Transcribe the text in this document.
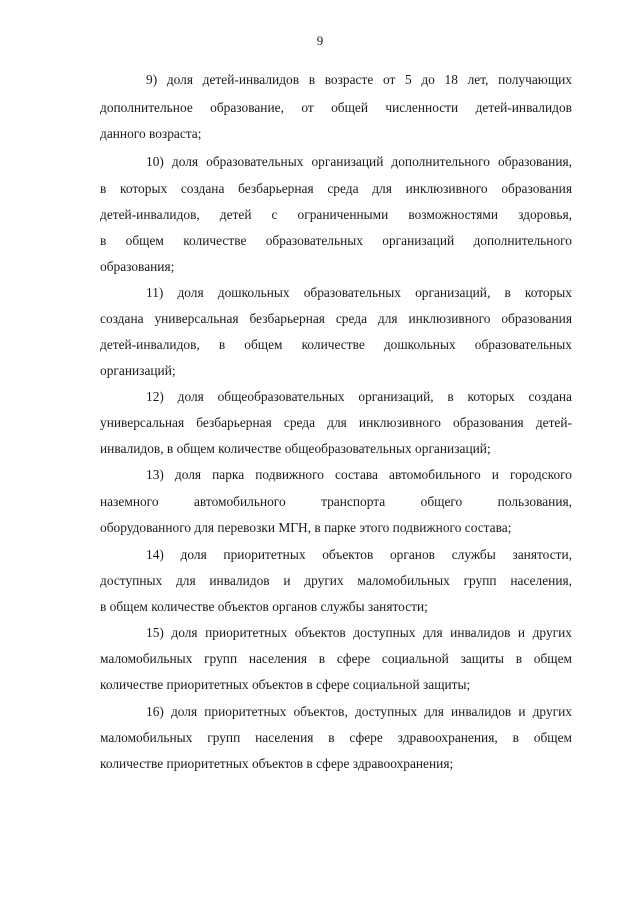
9

9) доля детей-инвалидов в возрасте от 5 до 18 лет, получающих

дополнительное образование, от общей численности детей-инвалидов

данного возраста;

10) доля образовательных организаций дополнительного образования,

в которых создана безбарьерная среда для инклюзивного образования

детей-инвалидов, детей с ограниченными возможностями здоровья,

в общем количестве образовательных организаций дополнительного

образования;

11) доля дошкольных образовательных организаций, в которых

создана универсальная безбарьерная среда для инклюзивного образования

детей-инвалидов, в общем количестве дошкольных образовательных

организаций;

12) доля общеобразовательных организаций, в которых создана

универсальная безбарьерная среда для инклюзивного образования детей-

инвалидов, в общем количестве общеобразовательных организаций;

13) доля парка подвижного состава автомобильного и городского

наземного автомобильного транспорта общего пользования,

оборудованного для перевозки МГН, в парке этого подвижного состава;

14) доля приоритетных объектов органов службы занятости,

доступных для инвалидов и других маломобильных групп населения,

в общем количестве объектов органов службы занятости;

15) доля приоритетных объектов доступных для инвалидов и других

маломобильных групп населения в сфере социальной защиты в общем

количестве приоритетных объектов в сфере социальной защиты;

16) доля приоритетных объектов, доступных для инвалидов и других

маломобильных групп населения в сфере здравоохранения, в общем

количестве приоритетных объектов в сфере здравоохранения;
